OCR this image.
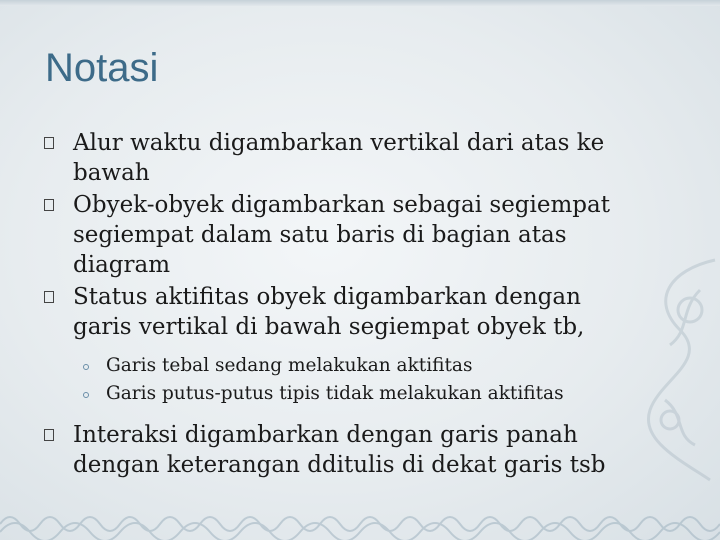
Notasi
Alur waktu digambarkan vertikal dari atas ke
bawah
Obyek-obyek digambarkan sebagai segiempat
segiempat dalam satu baris di bagian atas
diagram
Status aktifitas obyek digambarkan dengan
garis vertikal di bawah segiempat obyek tb,
Garis tebal sedang melakukan aktifitas
Garis putus-putus tipis tidak melakukan aktifitas
Interaksi digambarkan dengan garis panah
dengan keterangan dditulis di dekat garis tsb
